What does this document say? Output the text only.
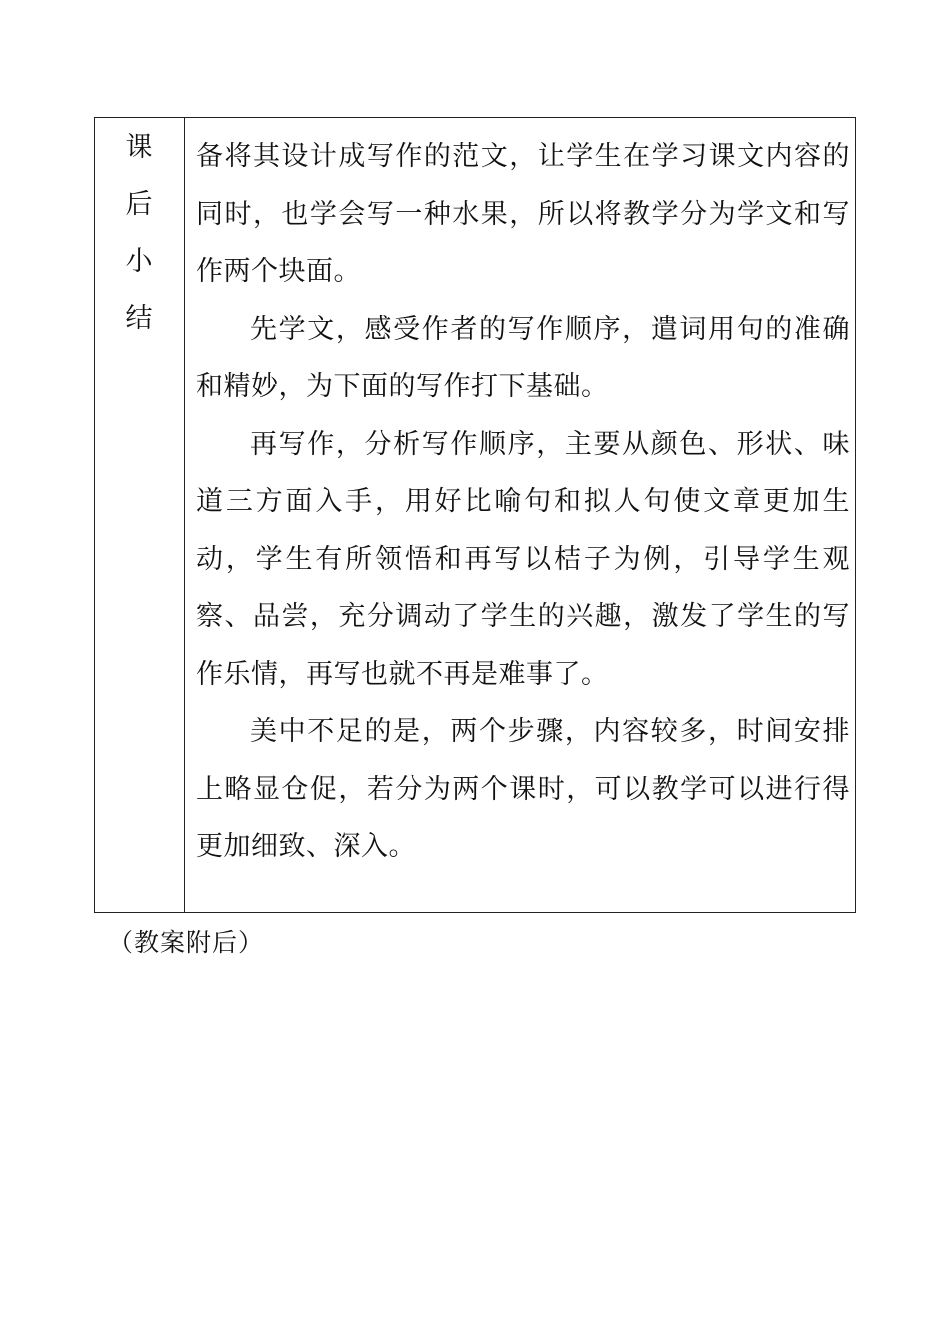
课
后
小
结

备将其设计成写作的范文，让学生在学习课文内容的同时，也学会写一种水果，所以将教学分为学文和写作两个块面。

先学文，感受作者的写作顺序，遣词用句的准确和精妙，为下面的写作打下基础。

再写作，分析写作顺序，主要从颜色、形状、味道三方面入手，用好比喻句和拟人句使文章更加生动，学生有所领悟和再写以桔子为例，引导学生观察、品尝，充分调动了学生的兴趣，激发了学生的写作乐情，再写也就不再是难事了。

美中不足的是，两个步骤，内容较多，时间安排上略显仓促，若分为两个课时，可以教学可以进行得更加细致、深入。

（教案附后）
